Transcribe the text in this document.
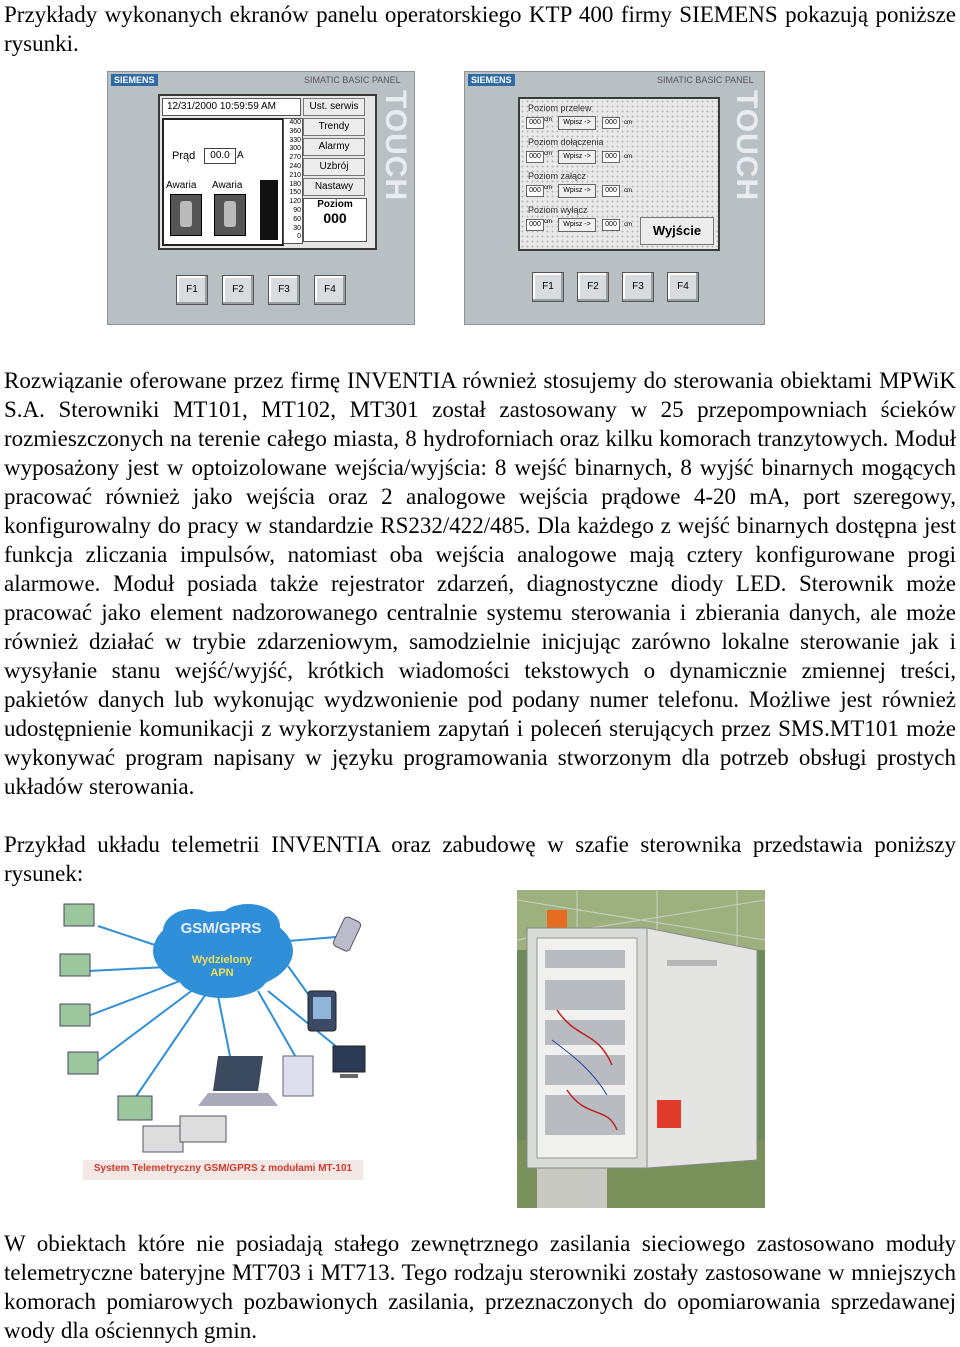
Przykłady wykonanych ekranów panelu operatorskiego KTP 400 firmy SIEMENS pokazują poniższe rysunki.

SIEMENS	SIMATIC BASIC PANEL
TOUCH
12/31/2000 10:59:59 AM
Prąd	00.0 A
Awaria Awaria
400
360
330
300
270
240
210
180
150
120
90
60
30
0
Ust. serwis
Trendy
Alarmy
Uzbrój
Nastawy
Poziom
000
F1	F2	F3	F4
SIEMENS	SIMATIC BASIC PANEL
TOUCH
Poziom przelew
000 cm	Wpisz ->	000	cm
Poziom dołączenia
000 cm	Wpisz ->	000	cm
Poziom załącz
000 cm	Wpisz ->	000	cm
Poziom wyłącz
000 cm	Wpisz ->	000	cm	Wyjście
F1	F2	F3	F4

Rozwiązanie oferowane przez firmę INVENTIA również stosujemy do sterowania obiektami MPWiK S.A. Sterowniki MT101, MT102, MT301 został zastosowany w 25 przepompowniach ścieków rozmieszczonych na terenie całego miasta, 8 hydroforniach oraz kilku komorach tranzytowych. Moduł wyposażony jest w optoizolowane wejścia/wyjścia: 8 wejść binarnych, 8 wyjść binarnych mogących pracować również jako wejścia oraz 2 analogowe wejścia prądowe 4-20 mA, port szeregowy, konfigurowalny do pracy w standardzie RS232/422/485. Dla każdego z wejść binarnych dostępna jest funkcja zliczania impulsów, natomiast oba wejścia analogowe mają cztery konfigurowane progi alarmowe. Moduł posiada także rejestrator zdarzeń, diagnostyczne diody LED. Sterownik może pracować jako element nadzorowanego centralnie systemu sterowania i zbierania danych, ale może również działać w trybie zdarzeniowym, samodzielnie inicjując zarówno lokalne sterowanie jak i wysyłanie stanu wejść/wyjść, krótkich wiadomości tekstowych o dynamicznie zmiennej treści, pakietów danych lub wykonując wydzwonienie pod podany numer telefonu. Możliwe jest również udostępnienie komunikacji z wykorzystaniem zapytań i poleceń sterujących przez SMS.MT101 może wykonywać program napisany w języku programowania stworzonym dla potrzeb obsługi prostych układów sterowania.

Przykład układu telemetrii INVENTIA oraz zabudowę w szafie sterownika przedstawia poniższy rysunek:

GSM/GPRS
Wydzielony
APN
System Telemetryczny GSM/GPRS z modułami MT-101

W obiektach które nie posiadają stałego zewnętrznego zasilania sieciowego zastosowano moduły telemetryczne bateryjne MT703 i MT713. Tego rodzaju sterowniki zostały zastosowane w mniejszych komorach pomiarowych pozbawionych zasilania, przeznaczonych do opomiarowania sprzedawanej wody dla ościennych gmin.
